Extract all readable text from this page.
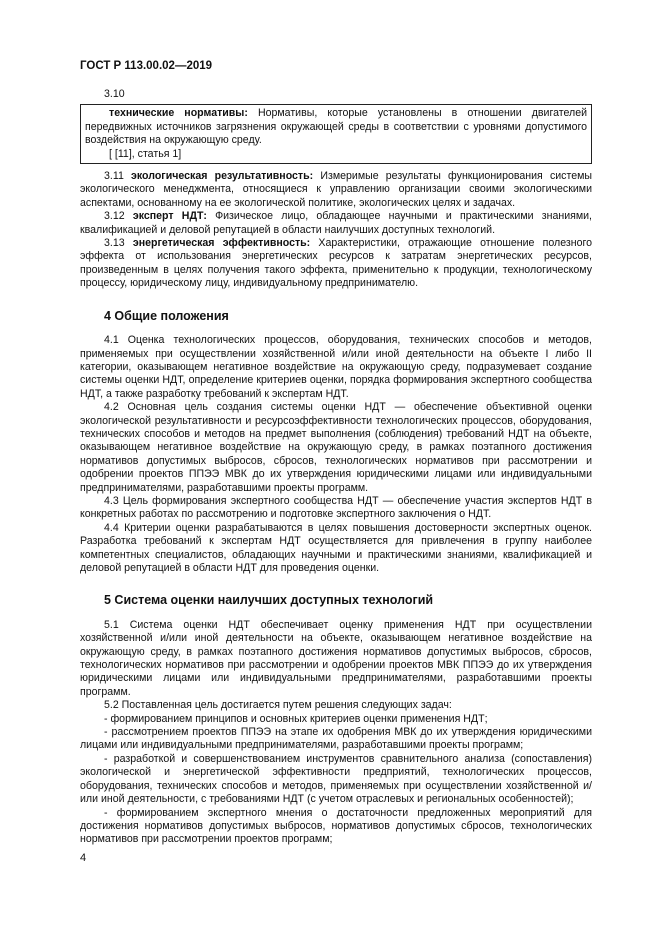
ГОСТ Р 113.00.02—2019

3.10

технические нормативы: Нормативы, которые установлены в отношении двигателей передвижных источников загрязнения окружающей среды в соответствии с уровнями допустимого воздействия на окружающую среду.

[ [11], статья 1]

3.11 экологическая результативность: Измеримые результаты функционирования системы экологического менеджмента, относящиеся к управлению организации своими экологическими аспектами, основанному на ее экологической политике, экологических целях и задачах.

3.12 эксперт НДТ: Физическое лицо, обладающее научными и практическими знаниями, квалификацией и деловой репутацией в области наилучших доступных технологий.

3.13 энергетическая эффективность: Характеристики, отражающие отношение полезного эффекта от использования энергетических ресурсов к затратам энергетических ресурсов, произведенным в целях получения такого эффекта, применительно к продукции, технологическому процессу, юридическому лицу, индивидуальному предпринимателю.

4 Общие положения

4.1 Оценка технологических процессов, оборудования, технических способов и методов, применяемых при осуществлении хозяйственной и/или иной деятельности на объекте I либо II категории, оказывающем негативное воздействие на окружающую среду, подразумевает создание системы оценки НДТ, определение критериев оценки, порядка формирования экспертного сообщества НДТ, а также разработку требований к экспертам НДТ.

4.2 Основная цель создания системы оценки НДТ — обеспечение объективной оценки экологической результативности и ресурсоэффективности технологических процессов, оборудования, технических способов и методов на предмет выполнения (соблюдения) требований НДТ на объекте, оказывающем негативное воздействие на окружающую среду, в рамках поэтапного достижения нормативов допустимых выбросов, сбросов, технологических нормативов при рассмотрении и одобрении проектов ППЭЭ МВК до их утверждения юридическими лицами или индивидуальными предпринимателями, разработавшими проекты программ.

4.3 Цель формирования экспертного сообщества НДТ — обеспечение участия экспертов НДТ в конкретных работах по рассмотрению и подготовке экспертного заключения о НДТ.

4.4 Критерии оценки разрабатываются в целях повышения достоверности экспертных оценок. Разработка требований к экспертам НДТ осуществляется для привлечения в группу наиболее компетентных специалистов, обладающих научными и практическими знаниями, квалификацией и деловой репутацией в области НДТ для проведения оценки.

5 Система оценки наилучших доступных технологий

5.1 Система оценки НДТ обеспечивает оценку применения НДТ при осуществлении хозяйственной и/или иной деятельности на объекте, оказывающем негативное воздействие на окружающую среду, в рамках поэтапного достижения нормативов допустимых выбросов, сбросов, технологических нормативов при рассмотрении и одобрении проектов МВК ППЭЭ до их утверждения юридическими лицами или индивидуальными предпринимателями, разработавшими проекты программ.

5.2 Поставленная цель достигается путем решения следующих задач:

- формированием принципов и основных критериев оценки применения НДТ;

- рассмотрением проектов ППЭЭ на этапе их одобрения МВК до их утверждения юридическими лицами или индивидуальными предпринимателями, разработавшими проекты программ;

- разработкой и совершенствованием инструментов сравнительного анализа (сопоставления) экологической и энергетической эффективности предприятий, технологических процессов, оборудования, технических способов и методов, применяемых при осуществлении хозяйственной и/или иной деятельности, с требованиями НДТ (с учетом отраслевых и региональных особенностей);

- формированием экспертного мнения о достаточности предложенных мероприятий для достижения нормативов допустимых выбросов, нормативов допустимых сбросов, технологических нормативов при рассмотрении проектов программ;

4
